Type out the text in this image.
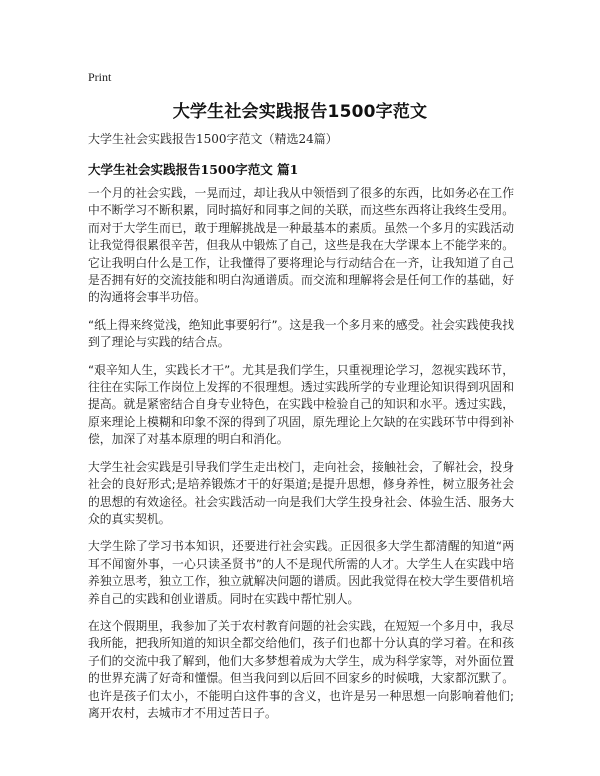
Print
大学生社会实践报告1500字范文
大学生社会实践报告1500字范文（精选24篇）
大学生社会实践报告1500字范文 篇1

一个月的社会实践，一晃而过，却让我从中领悟到了很多的东西，比如务必在工作中不断学习不断积累，同时搞好和同事之间的关联，而这些东西将让我终生受用。而对于大学生而已，敢于理解挑战是一种最基本的素质。虽然一个多月的实践活动让我觉得很累很辛苦，但我从中锻炼了自己，这些是我在大学课本上不能学来的。它让我明白什么是工作，让我懂得了要将理论与行动结合在一齐，让我知道了自己是否拥有好的交流技能和明白沟通谱质。而交流和理解将会是任何工作的基础，好的沟通将会事半功倍。

“纸上得来终觉浅，绝知此事要躬行”。这是我一个多月来的感受。社会实践使我找到了理论与实践的结合点。

“艰辛知人生，实践长才干”。尤其是我们学生，只重视理论学习，忽视实践环节，往往在实际工作岗位上发挥的不很理想。透过实践所学的专业理论知识得到巩固和提高。就是紧密结合自身专业特色，在实践中检验自己的知识和水平。透过实践，原来理论上模糊和印象不深的得到了巩固，原先理论上欠缺的在实践环节中得到补偿，加深了对基本原理的明白和消化。

大学生社会实践是引导我们学生走出校门，走向社会，接触社会，了解社会，投身社会的良好形式;是培养锻炼才干的好渠道;是提升思想，修身养性，树立服务社会的思想的有效途径。社会实践活动一向是我们大学生投身社会、体验生活、服务大众的真实契机。

大学生除了学习书本知识，还要进行社会实践。正因很多大学生都清醒的知道“两耳不闻窗外事，一心只读圣贤书”的人不是现代所需的人才。大学生人在实践中培养独立思考，独立工作，独立就解决问题的谱质。因此我觉得在校大学生要借机培养自己的实践和创业谱质。同时在实践中帮忙别人。

在这个假期里，我参加了关于农村教育问题的社会实践，在短短一个多月中，我尽我所能，把我所知道的知识全都交给他们，孩子们也都十分认真的学习着。在和孩子们的交流中我了解到，他们大多梦想着成为大学生，成为科学家等，对外面位置的世界充满了好奇和懂憬。但当我问到以后回不回家乡的时候哦，大家都沉默了。也许是孩子们太小，不能明白这件事的含义，也许是另一种思想一向影响着他们;离开农村，去城市才不用过苦日子。
